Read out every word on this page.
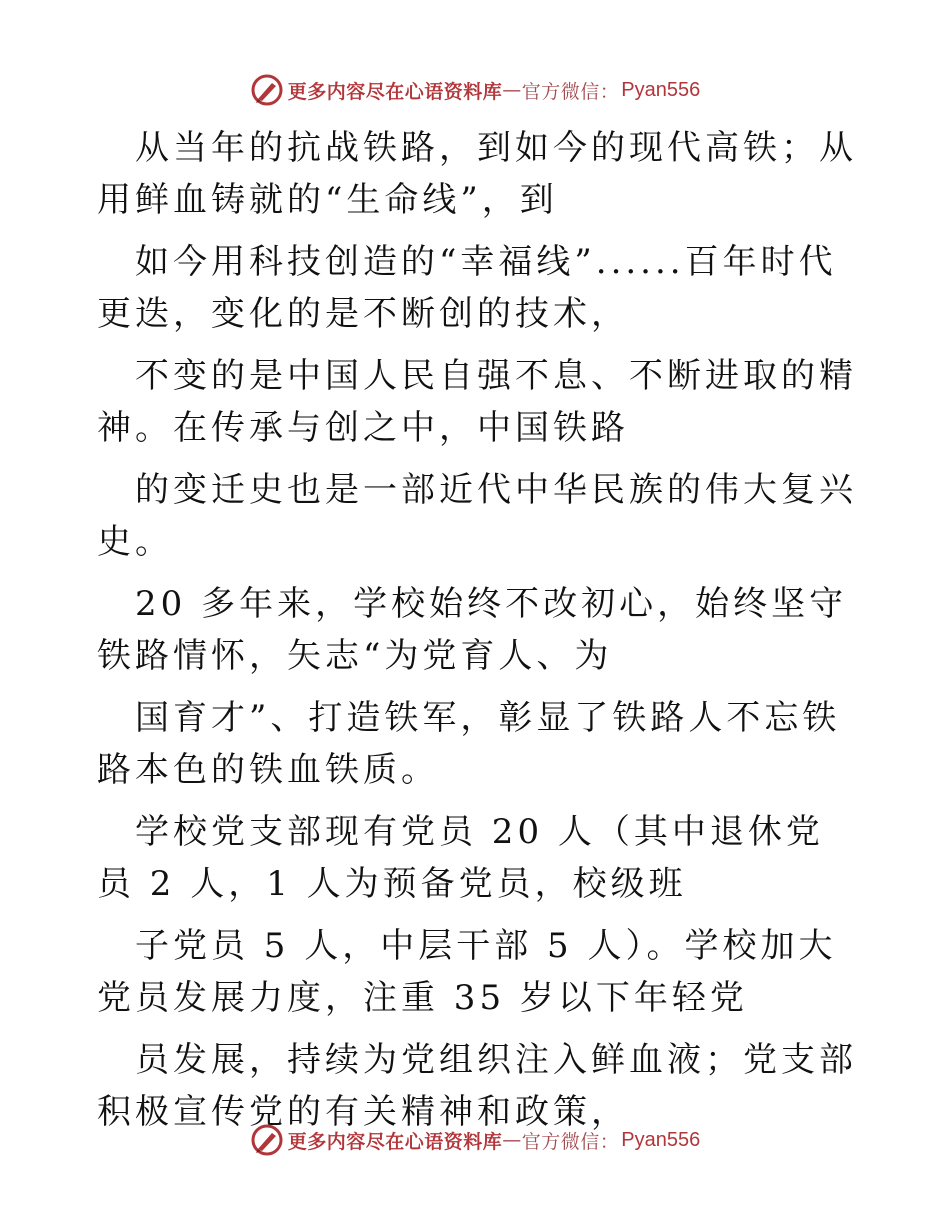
更多内容尽在心语资料库 — 官方微信： Pyan556

从当年的抗战铁路，到如今的现代高铁；从用鲜血铸就的“生命线”，到

如今用科技创造的“幸福线”......百年时代更迭，变化的是不断创的技术，

不变的是中国人民自强不息、不断进取的精神。在传承与创之中，中国铁路

的变迁史也是一部近代中华民族的伟大复兴史。

20 多年来，学校始终不改初心，始终坚守铁路情怀，矢志“为党育人、为

国育才”、打造铁军，彰显了铁路人不忘铁路本色的铁血铁质。

学校党支部现有党员 20 人（其中退休党员 2 人，1 人为预备党员，校级班

子党员 5 人，中层干部 5 人）。学校加大党员发展力度，注重 35 岁以下年轻党

员发展，持续为党组织注入鲜血液；党支部积极宣传党的有关精神和政策，

更多内容尽在心语资料库 — 官方微信： Pyan556
